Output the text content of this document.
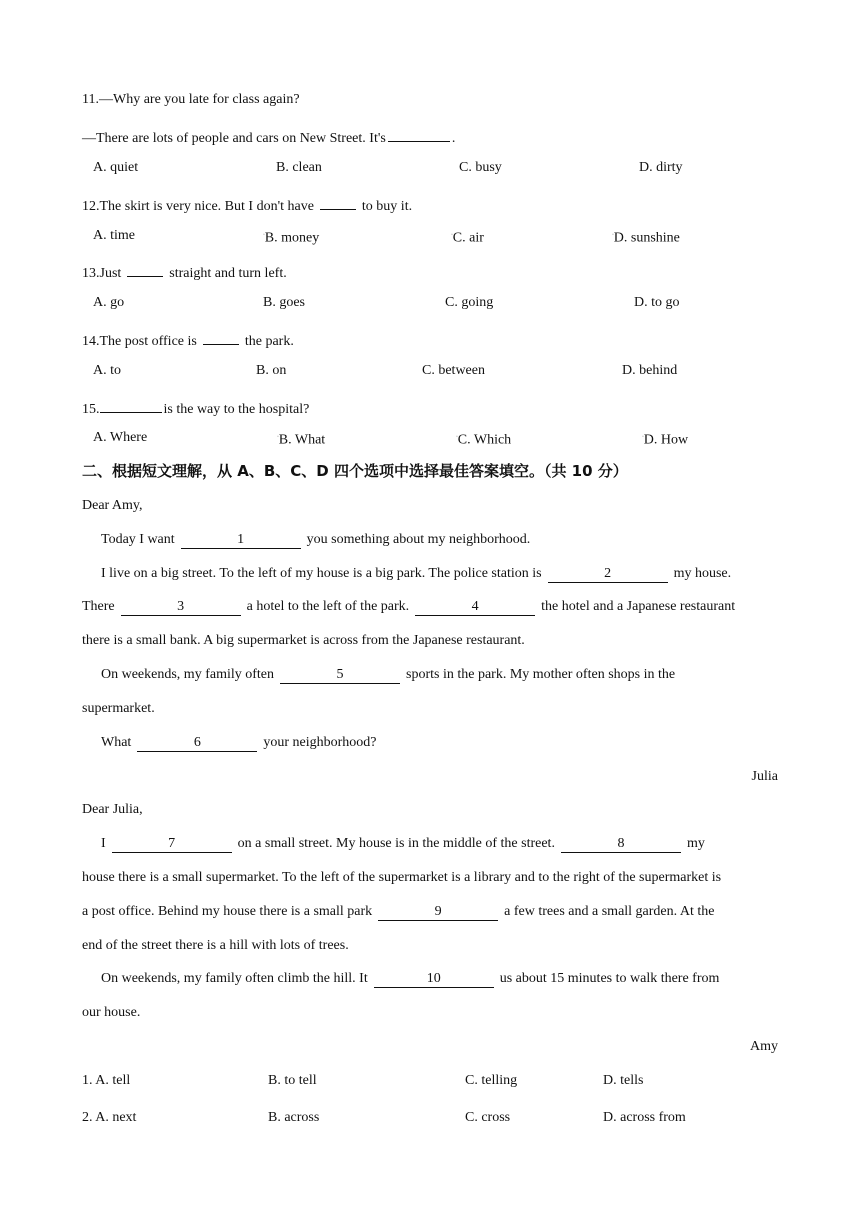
11.—Why are you late for class again?
—There are lots of people and cars on New Street. It's	.
A. quiet	B. clean	C. busy	D. dirty
12.The skirt is very nice. But I don't have	to buy it.
A. time	▫B. money	▫C. air	▫D. sunshine
13.Just	straight and turn left.
A. go	B. goes	C. going	D. to go
14.The post office is	the park.
A. to	B. on	C. between	D. behind
15.	is the way to the hospital?
A. Where	▫B. What	▫C. Which	▫D. How
二、根据短文理解，从 A、B、C、D 四个选项中选择最佳答案填空。（共 10 分）
Dear Amy,
Today I want	1	you something about my neighborhood.
I live on a big street. To the left of my house is a big park. The police station is	2	my house.
There	3	a hotel to the left of the park.	4	the hotel and a Japanese restaurant
there is a small bank. A big supermarket is across from the Japanese restaurant.
On weekends, my family often	5	sports in the park. My mother often shops in the
supermarket.
What	6	your neighborhood?
Julia
Dear Julia,
I	7	on a small street. My house is in the middle of the street.	8	my
house there is a small supermarket. To the left of the supermarket is a library and to the right of the supermarket is
a post office. Behind my house there is a small park	9	a few trees and a small garden. At the
end of the street there is a hill with lots of trees.
On weekends, my family often climb the hill. It	10	us about 15 minutes to walk there from
our house.
Amy
1. A. tell	B. to tell	C. telling	D. tells
2. A. next	B. across	C. cross	D. across from
